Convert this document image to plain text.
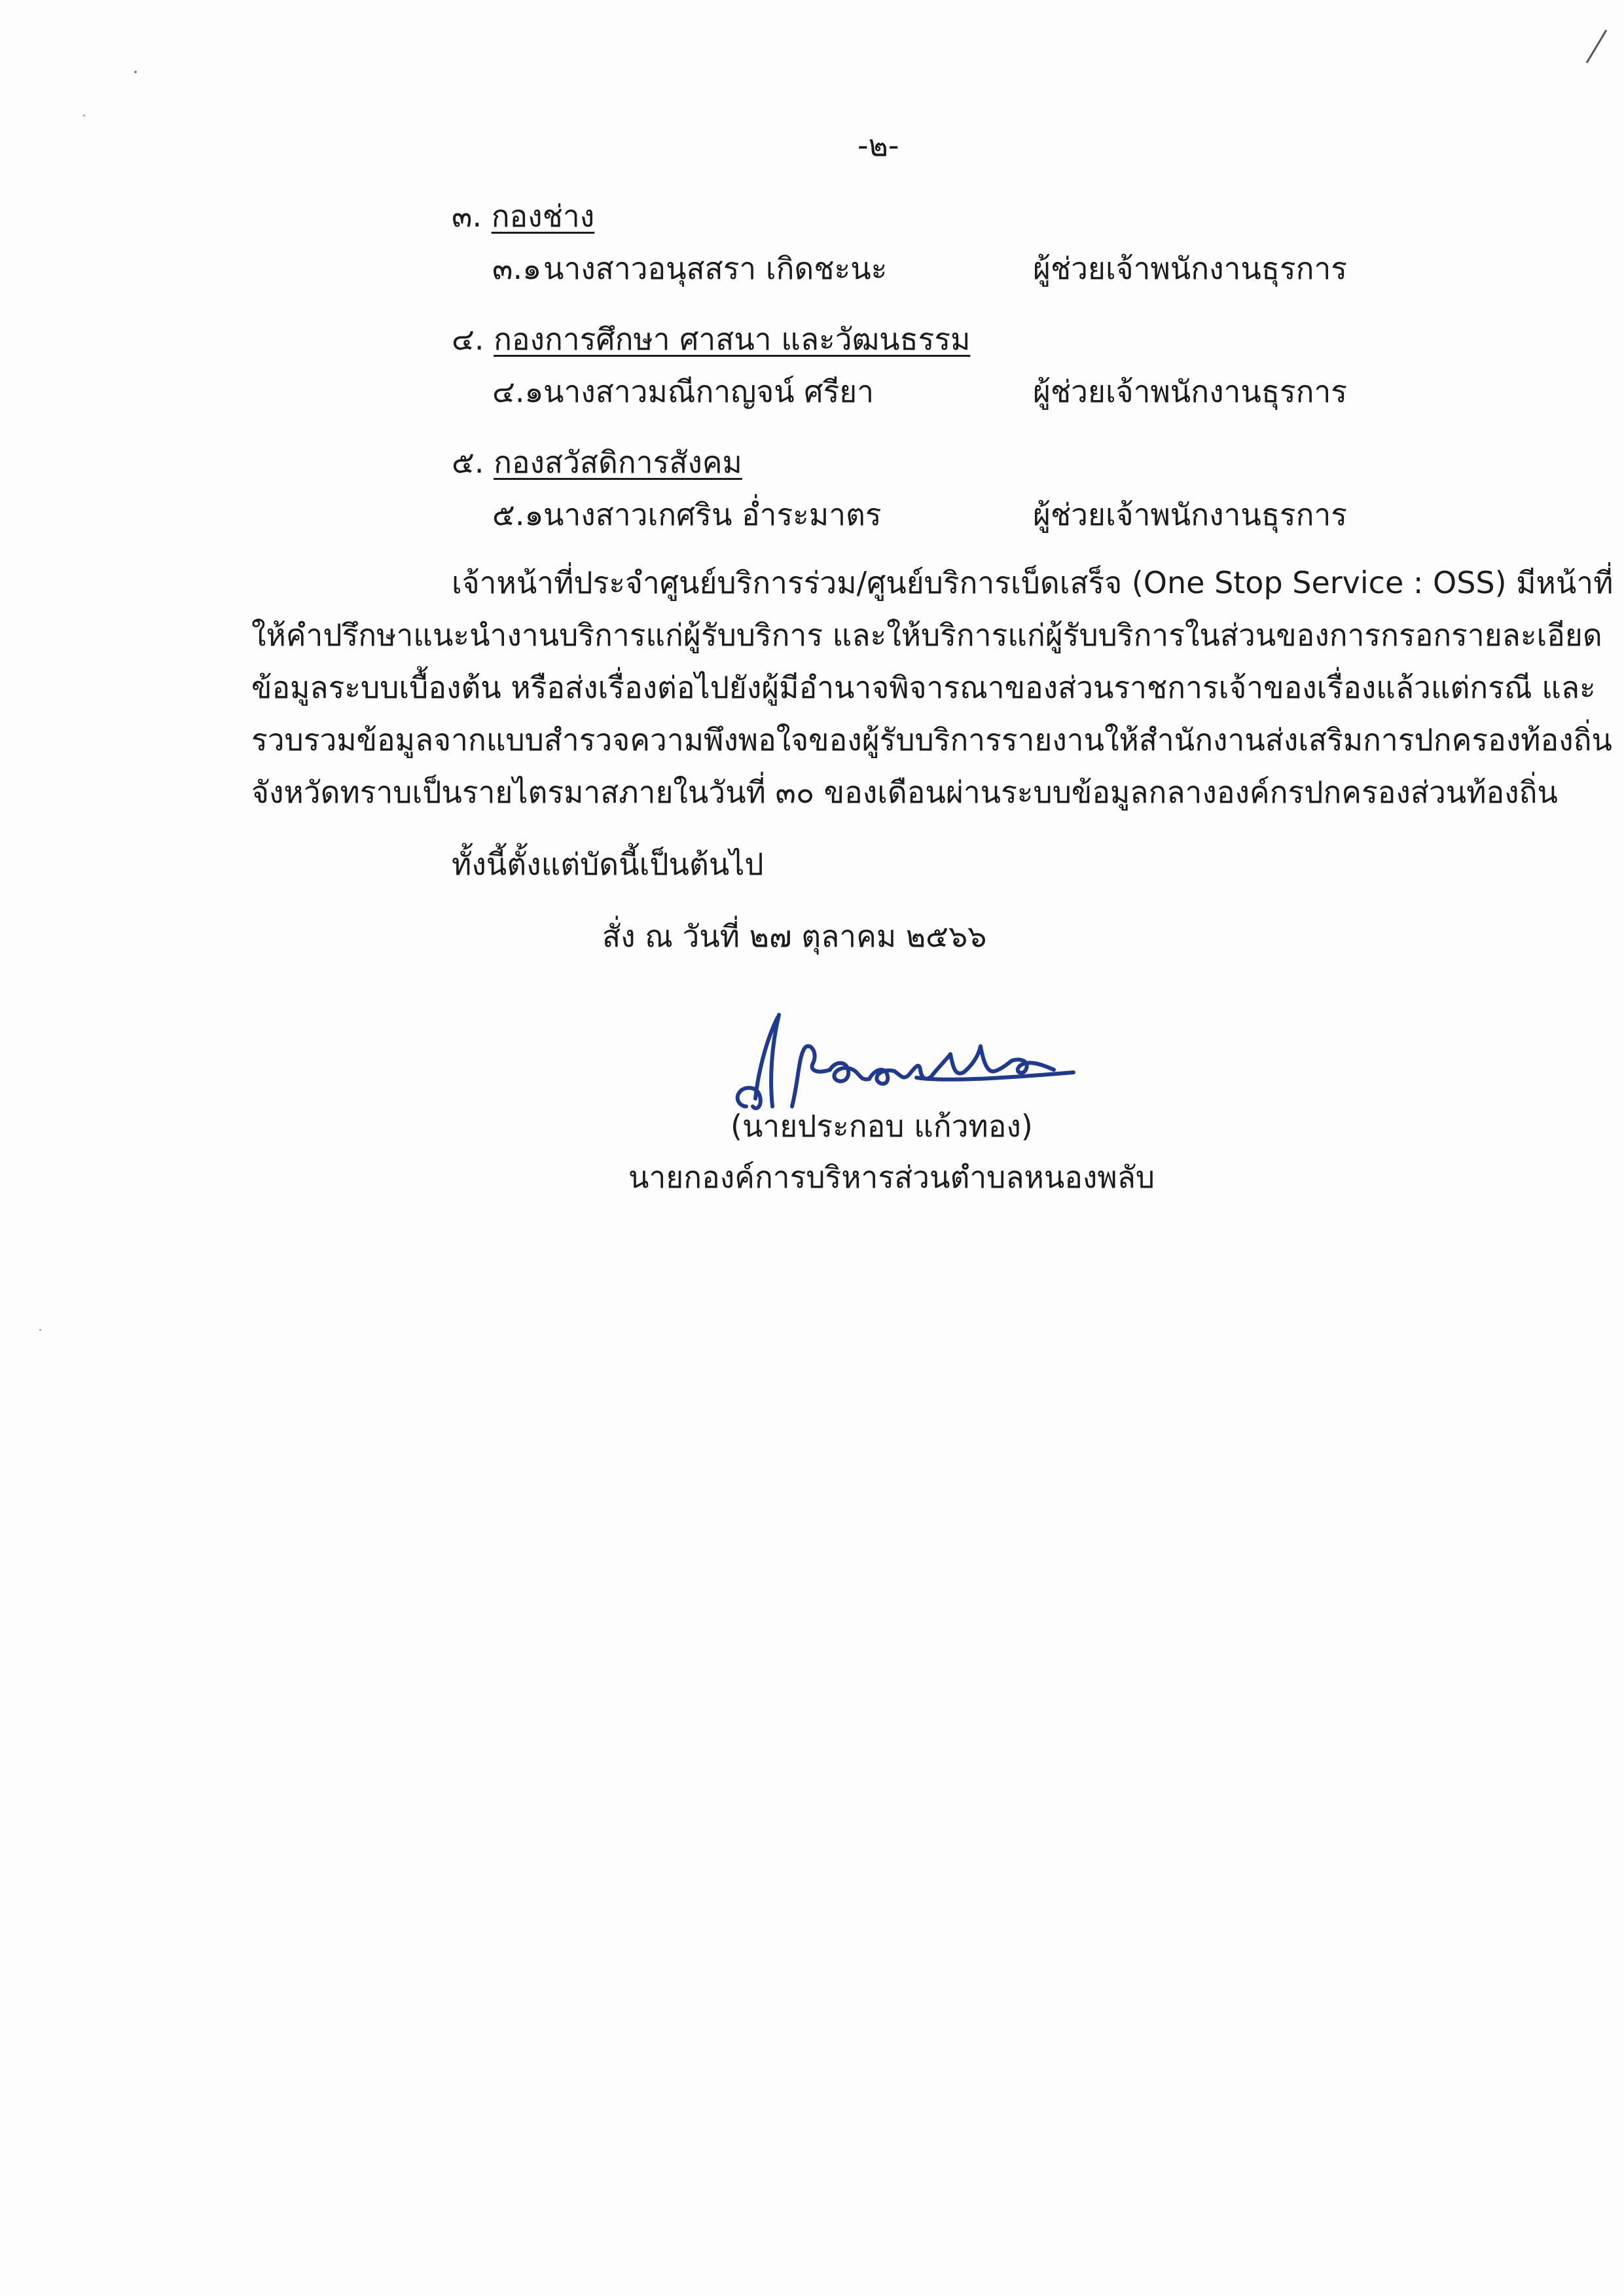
-๒-
๓. กองช่าง
๓.๑ นางสาวอนุสสรา เกิดชะนะ	ผู้ช่วยเจ้าพนักงานธุรการ
๔. กองการศึกษา ศาสนา และวัฒนธรรม
๔.๑ นางสาวมณีกาญจน์ ศรียา	ผู้ช่วยเจ้าพนักงานธุรการ
๕. กองสวัสดิการสังคม
๕.๑ นางสาวเกศริน อ่ำระมาตร	ผู้ช่วยเจ้าพนักงานธุรการ
เจ้าหน้าที่ประจำศูนย์บริการร่วม/ศูนย์บริการเบ็ดเสร็จ (One Stop Service : OSS) มีหน้าที่
ให้คำปรึกษาแนะนำงานบริการแก่ผู้รับบริการ และให้บริการแก่ผู้รับบริการในส่วนของการกรอกรายละเอียด
ข้อมูลระบบเบื้องต้น หรือส่งเรื่องต่อไปยังผู้มีอำนาจพิจารณาของส่วนราชการเจ้าของเรื่องแล้วแต่กรณี และ
รวบรวมข้อมูลจากแบบสำรวจความพึงพอใจของผู้รับบริการรายงานให้สำนักงานส่งเสริมการปกครองท้องถิ่น
จังหวัดทราบเป็นรายไตรมาสภายในวันที่ ๓๐ ของเดือนผ่านระบบข้อมูลกลางองค์กรปกครองส่วนท้องถิ่น
ทั้งนี้ตั้งแต่บัดนี้เป็นต้นไป
สั่ง ณ วันที่ ๒๗ ตุลาคม ๒๕๖๖
(นายประกอบ แก้วทอง)
นายกองค์การบริหารส่วนตำบลหนองพลับ
